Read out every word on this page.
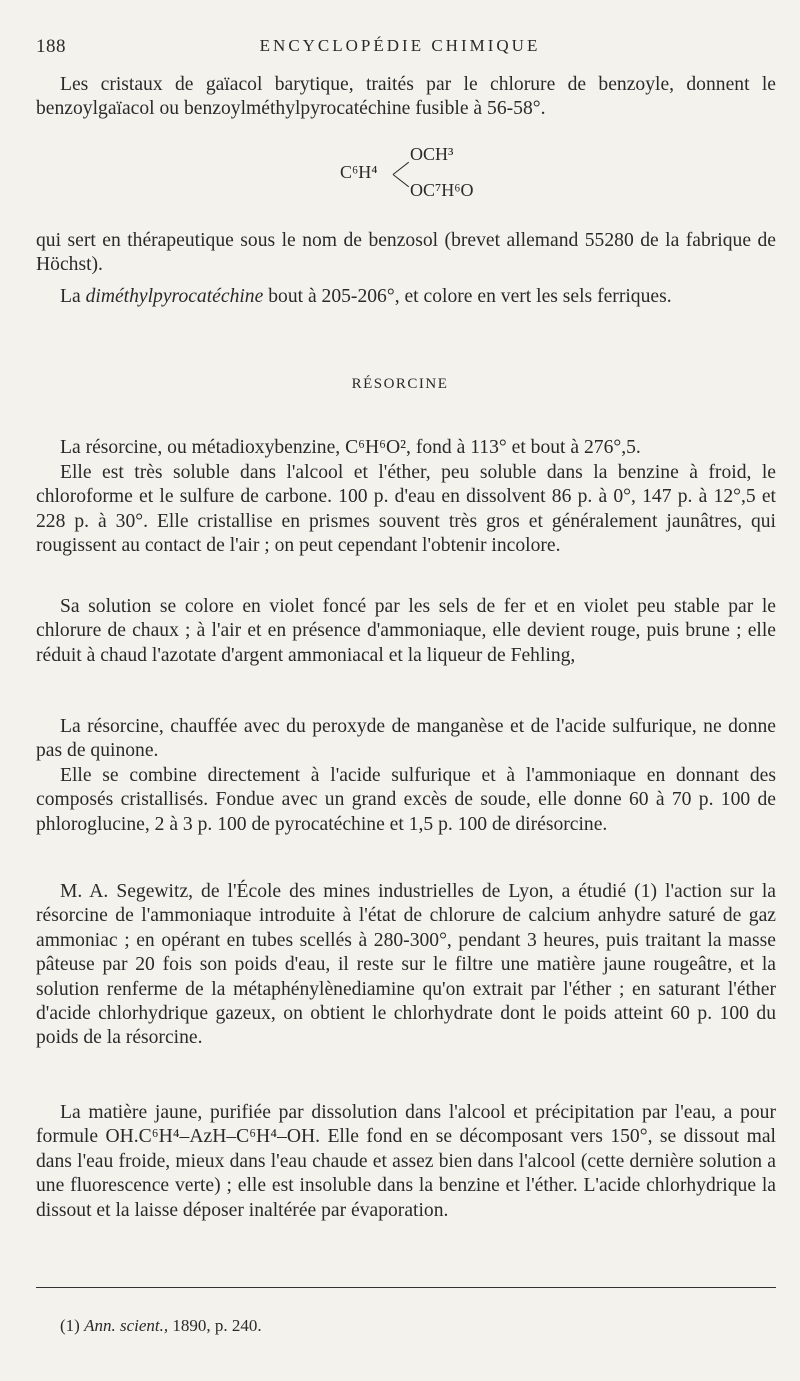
188	ENCYCLOPÉDIE CHIMIQUE

Les cristaux de gaïacol barytique, traités par le chlorure de benzoyle, donnent le benzoylgaïacol ou benzoylméthylpyrocatéchine fusible à 56-58°.

C⁶H⁴
OCH³
OC⁷H⁶O

qui sert en thérapeutique sous le nom de benzosol (brevet allemand 55280 de la fabrique de Höchst).

La diméthylpyrocatéchine bout à 205-206°, et colore en vert les sels ferriques.

RÉSORCINE

La résorcine, ou métadioxybenzine, C⁶H⁶O², fond à 113° et bout à 276°,5.

Elle est très soluble dans l'alcool et l'éther, peu soluble dans la benzine à froid, le chloroforme et le sulfure de carbone. 100 p. d'eau en dissolvent 86 p. à 0°, 147 p. à 12°,5 et 228 p. à 30°. Elle cristallise en prismes souvent très gros et généralement jaunâtres, qui rougissent au contact de l'air ; on peut cependant l'obtenir incolore.

Sa solution se colore en violet foncé par les sels de fer et en violet peu stable par le chlorure de chaux ; à l'air et en présence d'ammoniaque, elle devient rouge, puis brune ; elle réduit à chaud l'azotate d'argent ammoniacal et la liqueur de Fehling,

La résorcine, chauffée avec du peroxyde de manganèse et de l'acide sulfurique, ne donne pas de quinone.

Elle se combine directement à l'acide sulfurique et à l'ammoniaque en donnant des composés cristallisés. Fondue avec un grand excès de soude, elle donne 60 à 70 p. 100 de phloroglucine, 2 à 3 p. 100 de pyrocatéchine et 1,5 p. 100 de dirésorcine.

M. A. Segewitz, de l'École des mines industrielles de Lyon, a étudié (1) l'action sur la résorcine de l'ammoniaque introduite à l'état de chlorure de calcium anhydre saturé de gaz ammoniac ; en opérant en tubes scellés à 280-300°, pendant 3 heures, puis traitant la masse pâteuse par 20 fois son poids d'eau, il reste sur le filtre une matière jaune rougeâtre, et la solution renferme de la métaphénylènediamine qu'on extrait par l'éther ; en saturant l'éther d'acide chlorhydrique gazeux, on obtient le chlorhydrate dont le poids atteint 60 p. 100 du poids de la résorcine.

La matière jaune, purifiée par dissolution dans l'alcool et précipitation par l'eau, a pour formule OH.C⁶H⁴–AzH–C⁶H⁴–OH. Elle fond en se décomposant vers 150°, se dissout mal dans l'eau froide, mieux dans l'eau chaude et assez bien dans l'alcool (cette dernière solution a une fluorescence verte) ; elle est insoluble dans la benzine et l'éther. L'acide chlorhydrique la dissout et la laisse déposer inaltérée par évaporation.

(1) Ann. scient., 1890, p. 240.
